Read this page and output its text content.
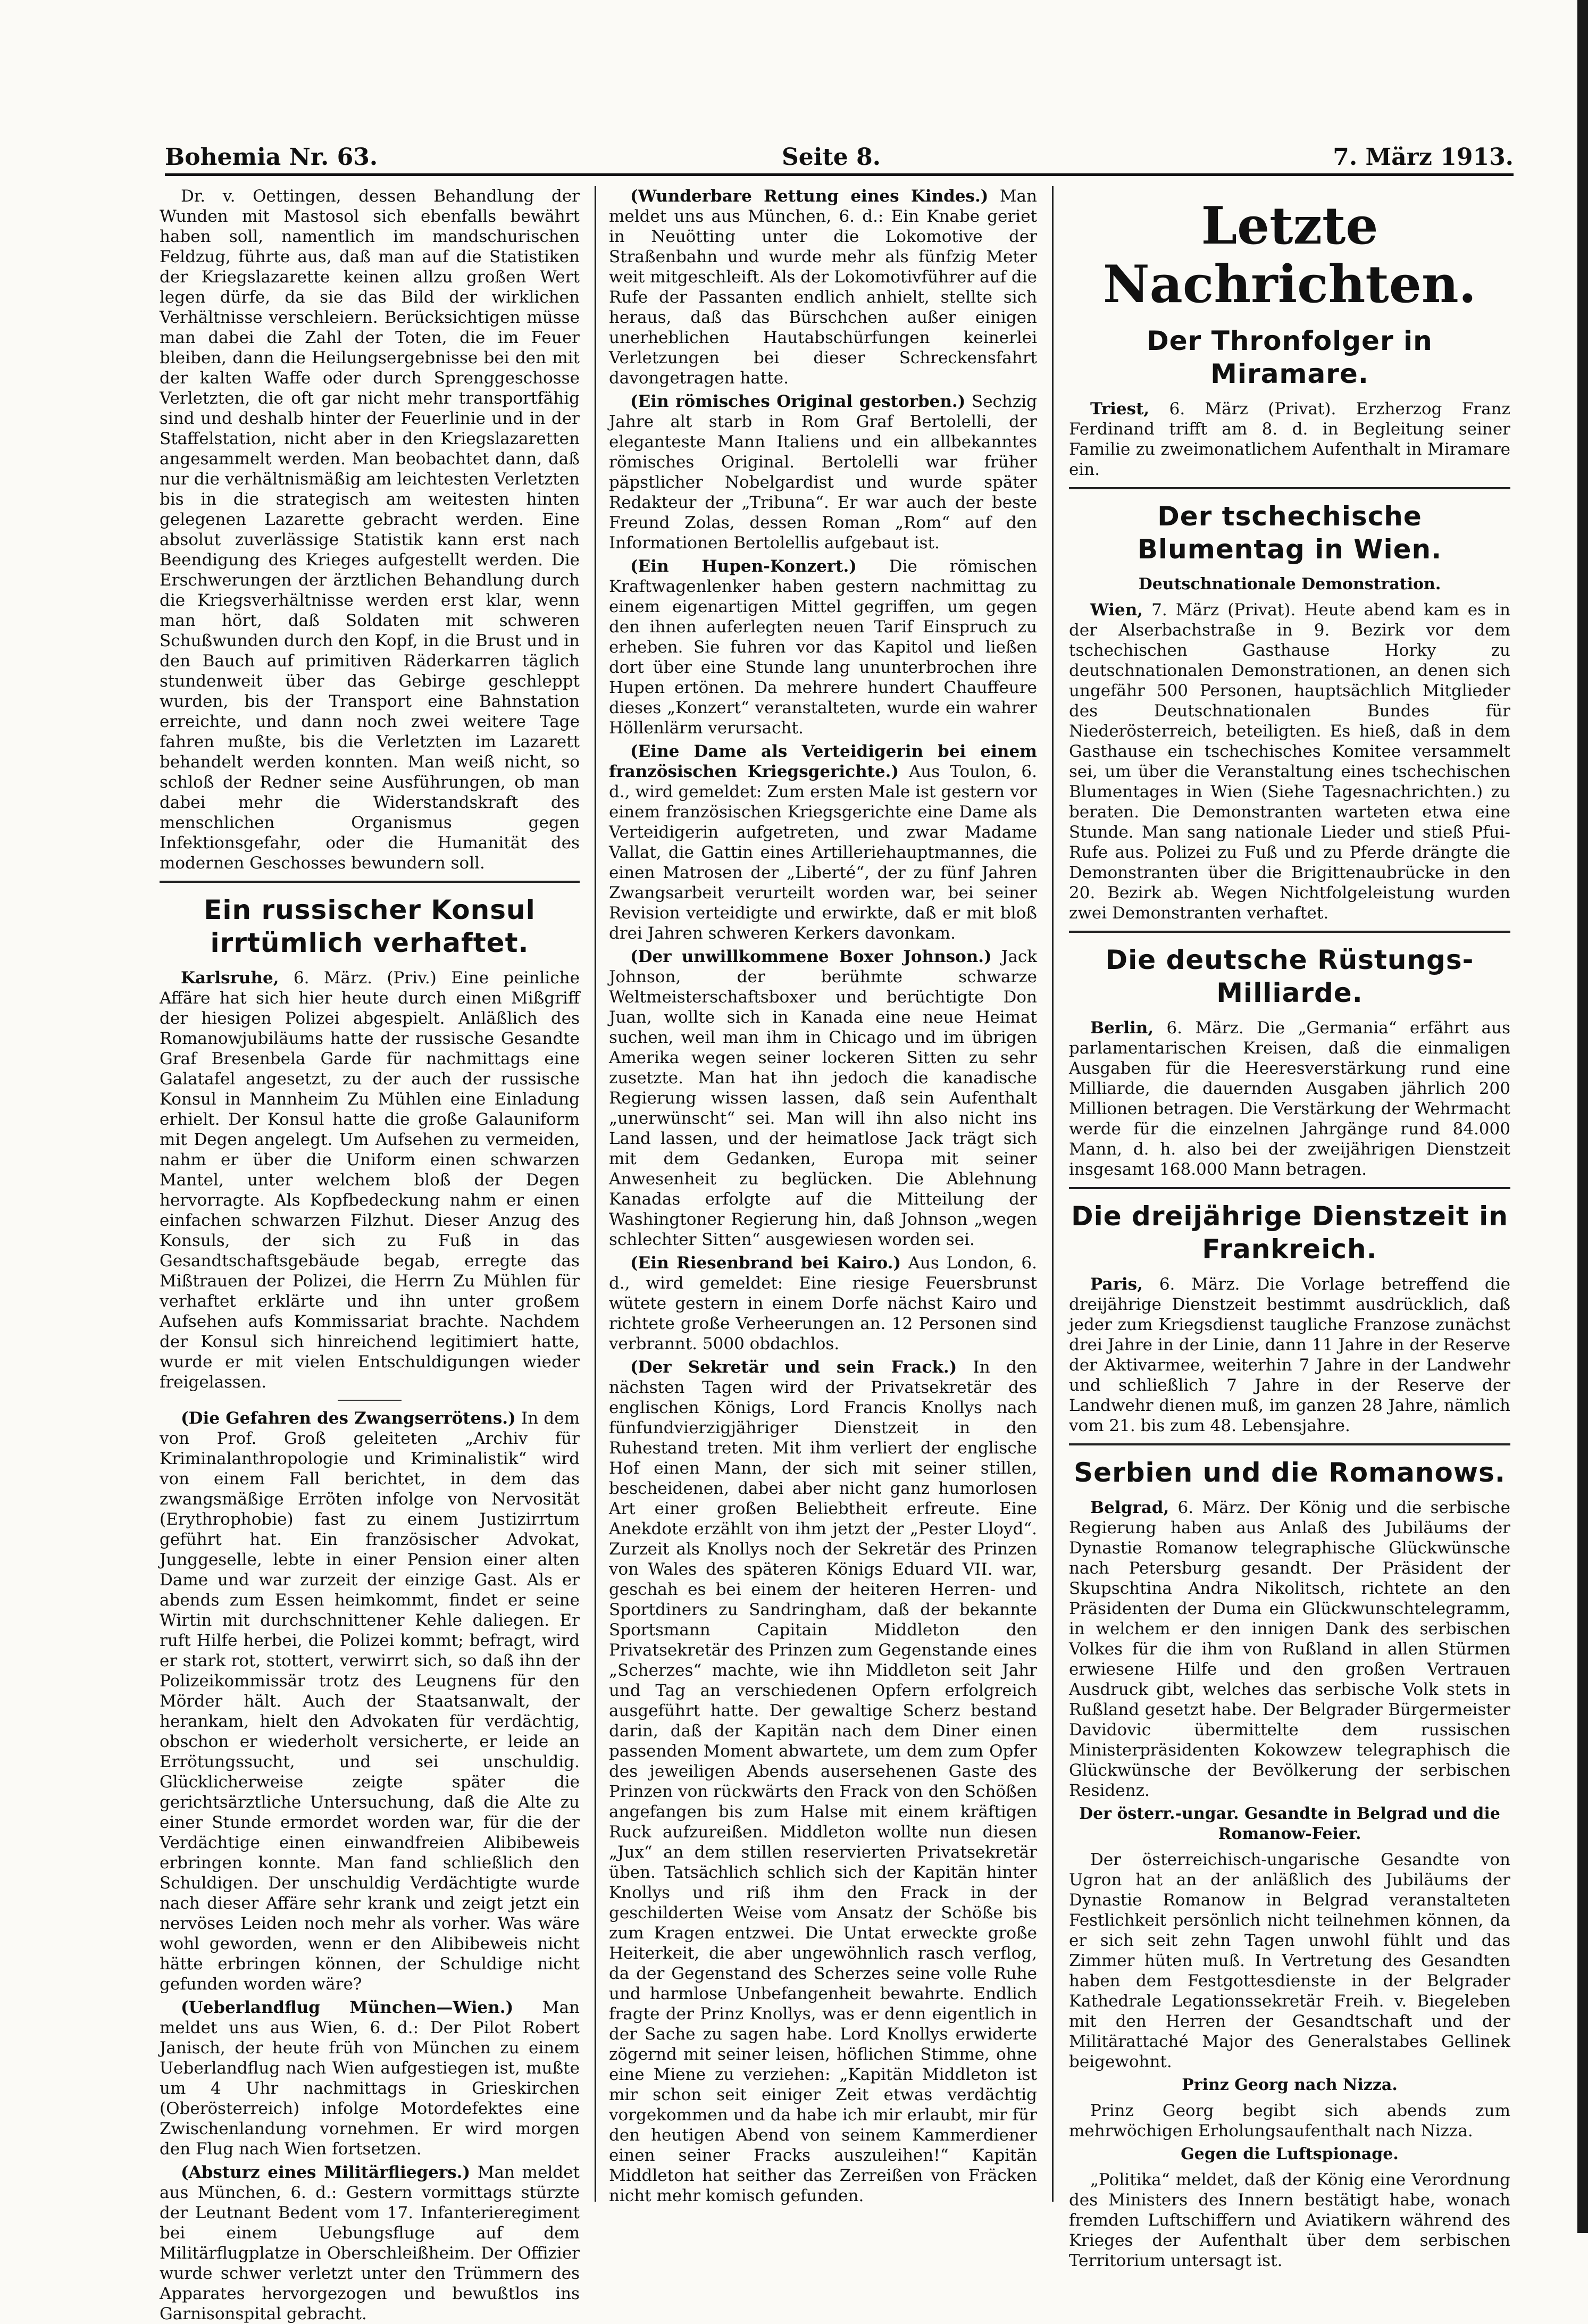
Bohemia Nr. 63.	Seite 8.	7. März 1913.

Dr. v. Oettingen, dessen Behandlung der Wunden mit Mastosol sich ebenfalls bewährt haben soll, namentlich im mandschurischen Feldzug, führte aus, daß man auf die Statistiken der Kriegslazarette keinen allzu großen Wert legen dürfe, da sie das Bild der wirklichen Verhältnisse verschleiern. Berücksichtigen müsse man dabei die Zahl der Toten, die im Feuer bleiben, dann die Heilungsergebnisse bei den mit der kalten Waffe oder durch Sprenggeschosse Verletzten, die oft gar nicht mehr transportfähig sind und deshalb hinter der Feuerlinie und in der Staffelstation, nicht aber in den Kriegslazaretten angesammelt werden. Man beobachtet dann, daß nur die verhältnismäßig am leichtesten Verletzten bis in die strategisch am weitesten hinten gelegenen Lazarette gebracht werden. Eine absolut zuverlässige Statistik kann erst nach Beendigung des Krieges aufgestellt werden. Die Erschwerungen der ärztlichen Behandlung durch die Kriegsverhältnisse werden erst klar, wenn man hört, daß Soldaten mit schweren Schußwunden durch den Kopf, in die Brust und in den Bauch auf primitiven Räderkarren täglich stundenweit über das Gebirge geschleppt wurden, bis der Transport eine Bahnstation erreichte, und dann noch zwei weitere Tage fahren mußte, bis die Verletzten im Lazarett behandelt werden konnten. Man weiß nicht, so schloß der Redner seine Ausführungen, ob man dabei mehr die Widerstandskraft des menschlichen Organismus gegen Infektionsgefahr, oder die Humanität des modernen Geschosses bewundern soll.

Ein russischer Konsul irrtümlich verhaftet.

Karlsruhe, 6. März. (Priv.) Eine peinliche Affäre hat sich hier heute durch einen Mißgriff der hiesigen Polizei abgespielt. Anläßlich des Romanowjubiläums hatte der russische Gesandte Graf Bresenbela Garde für nachmittags eine Galatafel angesetzt, zu der auch der russische Konsul in Mannheim Zu Mühlen eine Einladung erhielt. Der Konsul hatte die große Galauniform mit Degen angelegt. Um Aufsehen zu vermeiden, nahm er über die Uniform einen schwarzen Mantel, unter welchem bloß der Degen hervorragte. Als Kopfbedeckung nahm er einen einfachen schwarzen Filzhut. Dieser Anzug des Konsuls, der sich zu Fuß in das Gesandtschaftsgebäude begab, erregte das Mißtrauen der Polizei, die Herrn Zu Mühlen für verhaftet erklärte und ihn unter großem Aufsehen aufs Kommissariat brachte. Nachdem der Konsul sich hinreichend legitimiert hatte, wurde er mit vielen Entschuldigungen wieder freigelassen.

(Die Gefahren des Zwangserrötens.) In dem von Prof. Groß geleiteten „Archiv für Kriminalanthropologie und Kriminalistik“ wird von einem Fall berichtet, in dem das zwangsmäßige Erröten infolge von Nervosität (Erythrophobie) fast zu einem Justizirrtum geführt hat. Ein französischer Advokat, Junggeselle, lebte in einer Pension einer alten Dame und war zurzeit der einzige Gast. Als er abends zum Essen heimkommt, findet er seine Wirtin mit durchschnittener Kehle daliegen. Er ruft Hilfe herbei, die Polizei kommt; befragt, wird er stark rot, stottert, verwirrt sich, so daß ihn der Polizeikommissär trotz des Leugnens für den Mörder hält. Auch der Staatsanwalt, der herankam, hielt den Advokaten für verdächtig, obschon er wiederholt versicherte, er leide an Errötungssucht, und sei unschuldig. Glücklicherweise zeigte später die gerichtsärztliche Untersuchung, daß die Alte zu einer Stunde ermordet worden war, für die der Verdächtige einen einwandfreien Alibibeweis erbringen konnte. Man fand schließlich den Schuldigen. Der unschuldig Verdächtigte wurde nach dieser Affäre sehr krank und zeigt jetzt ein nervöses Leiden noch mehr als vorher. Was wäre wohl geworden, wenn er den Alibibeweis nicht hätte erbringen können, der Schuldige nicht gefunden worden wäre?

(Ueberlandflug München—Wien.) Man meldet uns aus Wien, 6. d.: Der Pilot Robert Janisch, der heute früh von München zu einem Ueberlandflug nach Wien aufgestiegen ist, mußte um 4 Uhr nachmittags in Grieskirchen (Oberösterreich) infolge Motordefektes eine Zwischenlandung vornehmen. Er wird morgen den Flug nach Wien fortsetzen.

(Absturz eines Militärfliegers.) Man meldet aus München, 6. d.: Gestern vormittags stürzte der Leutnant Bedent vom 17. Infanterieregiment bei einem Uebungsfluge auf dem Militärflugplatze in Oberschleißheim. Der Offizier wurde schwer verletzt unter den Trümmern des Apparates hervorgezogen und bewußtlos ins Garnisonspital gebracht.

(Wunderbare Rettung eines Kindes.) Man meldet uns aus München, 6. d.: Ein Knabe geriet in Neuötting unter die Lokomotive der Straßenbahn und wurde mehr als fünfzig Meter weit mitgeschleift. Als der Lokomotivführer auf die Rufe der Passanten endlich anhielt, stellte sich heraus, daß das Bürschchen außer einigen unerheblichen Hautabschürfungen keinerlei Verletzungen bei dieser Schreckensfahrt davongetragen hatte.

(Ein römisches Original gestorben.) Sechzig Jahre alt starb in Rom Graf Bertolelli, der eleganteste Mann Italiens und ein allbekanntes römisches Original. Bertolelli war früher päpstlicher Nobelgardist und wurde später Redakteur der „Tribuna“. Er war auch der beste Freund Zolas, dessen Roman „Rom“ auf den Informationen Bertolellis aufgebaut ist.

(Ein Hupen-Konzert.) Die römischen Kraftwagenlenker haben gestern nachmittag zu einem eigenartigen Mittel gegriffen, um gegen den ihnen auferlegten neuen Tarif Einspruch zu erheben. Sie fuhren vor das Kapitol und ließen dort über eine Stunde lang ununterbrochen ihre Hupen ertönen. Da mehrere hundert Chauffeure dieses „Konzert“ veranstalteten, wurde ein wahrer Höllenlärm verursacht.

(Eine Dame als Verteidigerin bei einem französischen Kriegsgerichte.) Aus Toulon, 6. d., wird gemeldet: Zum ersten Male ist gestern vor einem französischen Kriegsgerichte eine Dame als Verteidigerin aufgetreten, und zwar Madame Vallat, die Gattin eines Artilleriehauptmannes, die einen Matrosen der „Liberté“, der zu fünf Jahren Zwangsarbeit verurteilt worden war, bei seiner Revision verteidigte und erwirkte, daß er mit bloß drei Jahren schweren Kerkers davonkam.

(Der unwillkommene Boxer Johnson.) Jack Johnson, der berühmte schwarze Weltmeisterschaftsboxer und berüchtigte Don Juan, wollte sich in Kanada eine neue Heimat suchen, weil man ihm in Chicago und im übrigen Amerika wegen seiner lockeren Sitten zu sehr zusetzte. Man hat ihn jedoch die kanadische Regierung wissen lassen, daß sein Aufenthalt „unerwünscht“ sei. Man will ihn also nicht ins Land lassen, und der heimatlose Jack trägt sich mit dem Gedanken, Europa mit seiner Anwesenheit zu beglücken. Die Ablehnung Kanadas erfolgte auf die Mitteilung der Washingtoner Regierung hin, daß Johnson „wegen schlechter Sitten“ ausgewiesen worden sei.

(Ein Riesenbrand bei Kairo.) Aus London, 6. d., wird gemeldet: Eine riesige Feuersbrunst wütete gestern in einem Dorfe nächst Kairo und richtete große Verheerungen an. 12 Personen sind verbrannt. 5000 obdachlos.

(Der Sekretär und sein Frack.) In den nächsten Tagen wird der Privatsekretär des englischen Königs, Lord Francis Knollys nach fünfundvierzigjähriger Dienstzeit in den Ruhestand treten. Mit ihm verliert der englische Hof einen Mann, der sich mit seiner stillen, bescheidenen, dabei aber nicht ganz humorlosen Art einer großen Beliebtheit erfreute. Eine Anekdote erzählt von ihm jetzt der „Pester Lloyd“. Zurzeit als Knollys noch der Sekretär des Prinzen von Wales des späteren Königs Eduard VII. war, geschah es bei einem der heiteren Herren- und Sportdiners zu Sandringham, daß der bekannte Sportsmann Capitain Middleton den Privatsekretär des Prinzen zum Gegenstande eines „Scherzes“ machte, wie ihn Middleton seit Jahr und Tag an verschiedenen Opfern erfolgreich ausgeführt hatte. Der gewaltige Scherz bestand darin, daß der Kapitän nach dem Diner einen passenden Moment abwartete, um dem zum Opfer des jeweiligen Abends ausersehenen Gaste des Prinzen von rückwärts den Frack von den Schößen angefangen bis zum Halse mit einem kräftigen Ruck aufzureißen. Middleton wollte nun diesen „Jux“ an dem stillen reservierten Privatsekretär üben. Tatsächlich schlich sich der Kapitän hinter Knollys und riß ihm den Frack in der geschilderten Weise vom Ansatz der Schöße bis zum Kragen entzwei. Die Untat erweckte große Heiterkeit, die aber ungewöhnlich rasch verflog, da der Gegenstand des Scherzes seine volle Ruhe und harmlose Unbefangenheit bewahrte. Endlich fragte der Prinz Knollys, was er denn eigentlich in der Sache zu sagen habe. Lord Knollys erwiderte zögernd mit seiner leisen, höflichen Stimme, ohne eine Miene zu verziehen: „Kapitän Middleton ist mir schon seit einiger Zeit etwas verdächtig vorgekommen und da habe ich mir erlaubt, mir für den heutigen Abend von seinem Kammerdiener einen seiner Fracks auszuleihen!“ Kapitän Middleton hat seither das Zerreißen von Fräcken nicht mehr komisch gefunden.

Letzte Nachrichten.
Der Thronfolger in Miramare.

Triest, 6. März (Privat). Erzherzog Franz Ferdinand trifft am 8. d. in Begleitung seiner Familie zu zweimonatlichem Aufenthalt in Miramare ein.

Der tschechische Blumentag in Wien.
Deutschnationale Demonstration.

Wien, 7. März (Privat). Heute abend kam es in der Alserbachstraße in 9. Bezirk vor dem tschechischen Gasthause Horky zu deutschnationalen Demonstrationen, an denen sich ungefähr 500 Personen, hauptsächlich Mitglieder des Deutschnationalen Bundes für Niederösterreich, beteiligten. Es hieß, daß in dem Gasthause ein tschechisches Komitee versammelt sei, um über die Veranstaltung eines tschechischen Blumentages in Wien (Siehe Tagesnachrichten.) zu beraten. Die Demonstranten warteten etwa eine Stunde. Man sang nationale Lieder und stieß Pfui-Rufe aus. Polizei zu Fuß und zu Pferde drängte die Demonstranten über die Brigittenaubrücke in den 20. Bezirk ab. Wegen Nichtfolgeleistung wurden zwei Demonstranten verhaftet.

Die deutsche Rüstungs-Milliarde.

Berlin, 6. März. Die „Germania“ erfährt aus parlamentarischen Kreisen, daß die einmaligen Ausgaben für die Heeresverstärkung rund eine Milliarde, die dauernden Ausgaben jährlich 200 Millionen betragen. Die Verstärkung der Wehrmacht werde für die einzelnen Jahrgänge rund 84.000 Mann, d. h. also bei der zweijährigen Dienstzeit insgesamt 168.000 Mann betragen.

Die dreijährige Dienstzeit in Frankreich.

Paris, 6. März. Die Vorlage betreffend die dreijährige Dienstzeit bestimmt ausdrücklich, daß jeder zum Kriegsdienst taugliche Franzose zunächst drei Jahre in der Linie, dann 11 Jahre in der Reserve der Aktivarmee, weiterhin 7 Jahre in der Landwehr und schließlich 7 Jahre in der Reserve der Landwehr dienen muß, im ganzen 28 Jahre, nämlich vom 21. bis zum 48. Lebensjahre.

Serbien und die Romanows.

Belgrad, 6. März. Der König und die serbische Regierung haben aus Anlaß des Jubiläums der Dynastie Romanow telegraphische Glückwünsche nach Petersburg gesandt. Der Präsident der Skupschtina Andra Nikolitsch, richtete an den Präsidenten der Duma ein Glückwunschtelegramm, in welchem er den innigen Dank des serbischen Volkes für die ihm von Rußland in allen Stürmen erwiesene Hilfe und den großen Vertrauen Ausdruck gibt, welches das serbische Volk stets in Rußland gesetzt habe. Der Belgrader Bürgermeister Davidovic übermittelte dem russischen Ministerpräsidenten Kokowzew telegraphisch die Glückwünsche der Bevölkerung der serbischen Residenz.

Der österr.-ungar. Gesandte in Belgrad und die Romanow-Feier.

Der österreichisch-ungarische Gesandte von Ugron hat an der anläßlich des Jubiläums der Dynastie Romanow in Belgrad veranstalteten Festlichkeit persönlich nicht teilnehmen können, da er sich seit zehn Tagen unwohl fühlt und das Zimmer hüten muß. In Vertretung des Gesandten haben dem Festgottesdienste in der Belgrader Kathedrale Legationssekretär Freih. v. Biegeleben mit den Herren der Gesandtschaft und der Militärattaché Major des Generalstabes Gellinek beigewohnt.

Prinz Georg nach Nizza.

Prinz Georg begibt sich abends zum mehrwöchigen Erholungsaufenthalt nach Nizza.

Gegen die Luftspionage.

„Politika“ meldet, daß der König eine Verordnung des Ministers des Innern bestätigt habe, wonach fremden Luftschiffern und Aviatikern während des Krieges der Aufenthalt über dem serbischen Territorium untersagt ist.
